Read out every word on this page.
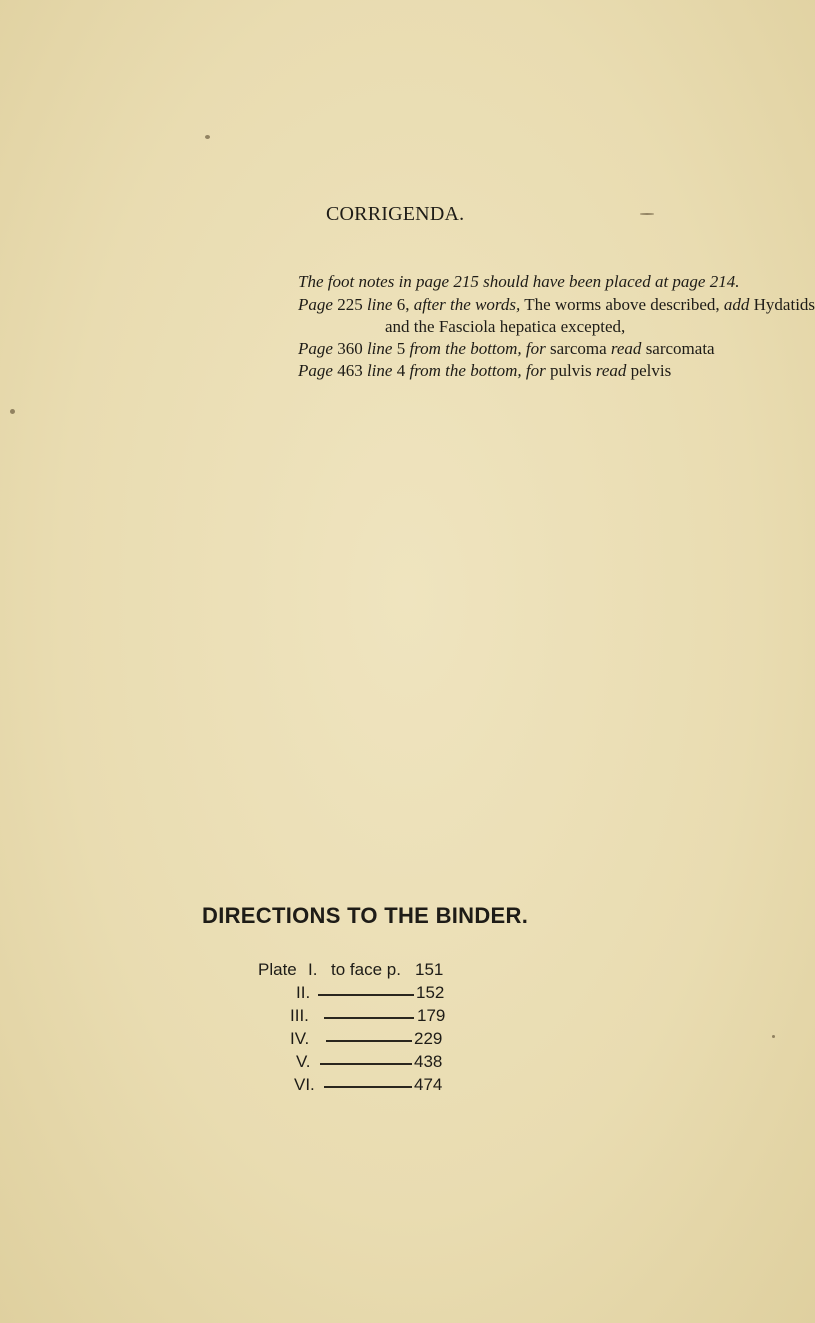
CORRIGENDA.
The foot notes in page 215 should have been placed at page 214.
Page 225 line 6, after the words, The worms above described, add Hydatids
and the Fasciola hepatica excepted,
Page 360 line 5 from the bottom, for sarcoma read sarcomata
Page 463 line 4 from the bottom, for pulvis read pelvis
DIRECTIONS TO THE BINDER.
Plate I. to face p. 151
II.	152
III.	179
IV.	229
V.	438
VI.	474
